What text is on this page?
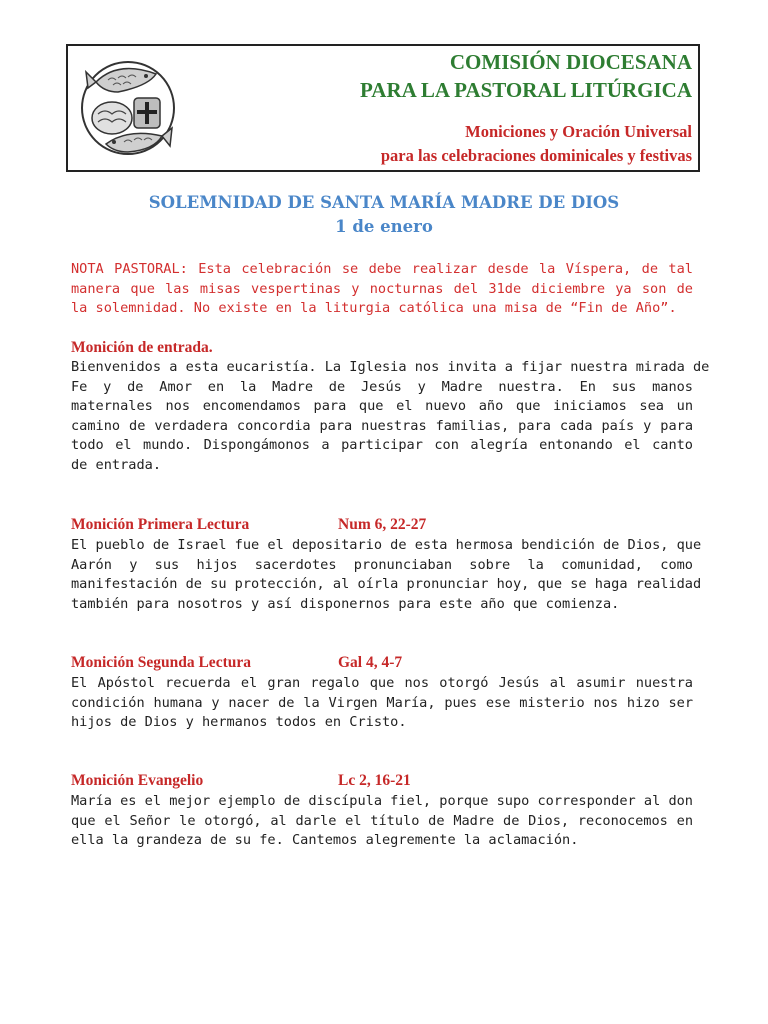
COMISIÓN DIOCESANA
PARA LA PASTORAL LITÚRGICA
Moniciones y Oración Universal
para las celebraciones dominicales y festivas
SOLEMNIDAD DE SANTA MARÍA MADRE DE DIOS
1 de enero
NOTA PASTORAL: Esta celebración se debe realizar desde la Víspera, de tal
manera que las misas vespertinas y nocturnas del 31de diciembre ya son de
la solemnidad. No existe en la liturgia católica una misa de “Fin de Año”.
Monición de entrada.
Bienvenidos a esta eucaristía. La Iglesia nos invita a fijar nuestra mirada de
Fe y de Amor en la Madre de Jesús y Madre nuestra. En sus manos
maternales nos encomendamos para que el nuevo año que iniciamos sea un
camino de verdadera concordia para nuestras familias, para cada país y para
todo el mundo. Dispongámonos a participar con alegría entonando el canto
de entrada.
Monición Primera Lectura	Num 6, 22-27
El pueblo de Israel fue el depositario de esta hermosa bendición de Dios, que
Aarón y sus hijos sacerdotes pronunciaban sobre la comunidad, como
manifestación de su protección, al oírla pronunciar hoy, que se haga realidad
también para nosotros y así disponernos para este año que comienza.
Monición Segunda Lectura	Gal 4, 4-7
El Apóstol recuerda el gran regalo que nos otorgó Jesús al asumir nuestra
condición humana y nacer de la Virgen María, pues ese misterio nos hizo ser
hijos de Dios y hermanos todos en Cristo.
Monición Evangelio	Lc 2, 16-21
María es el mejor ejemplo de discípula fiel, porque supo corresponder al don
que el Señor le otorgó, al darle el título de Madre de Dios, reconocemos en
ella la grandeza de su fe. Cantemos alegremente la aclamación.
